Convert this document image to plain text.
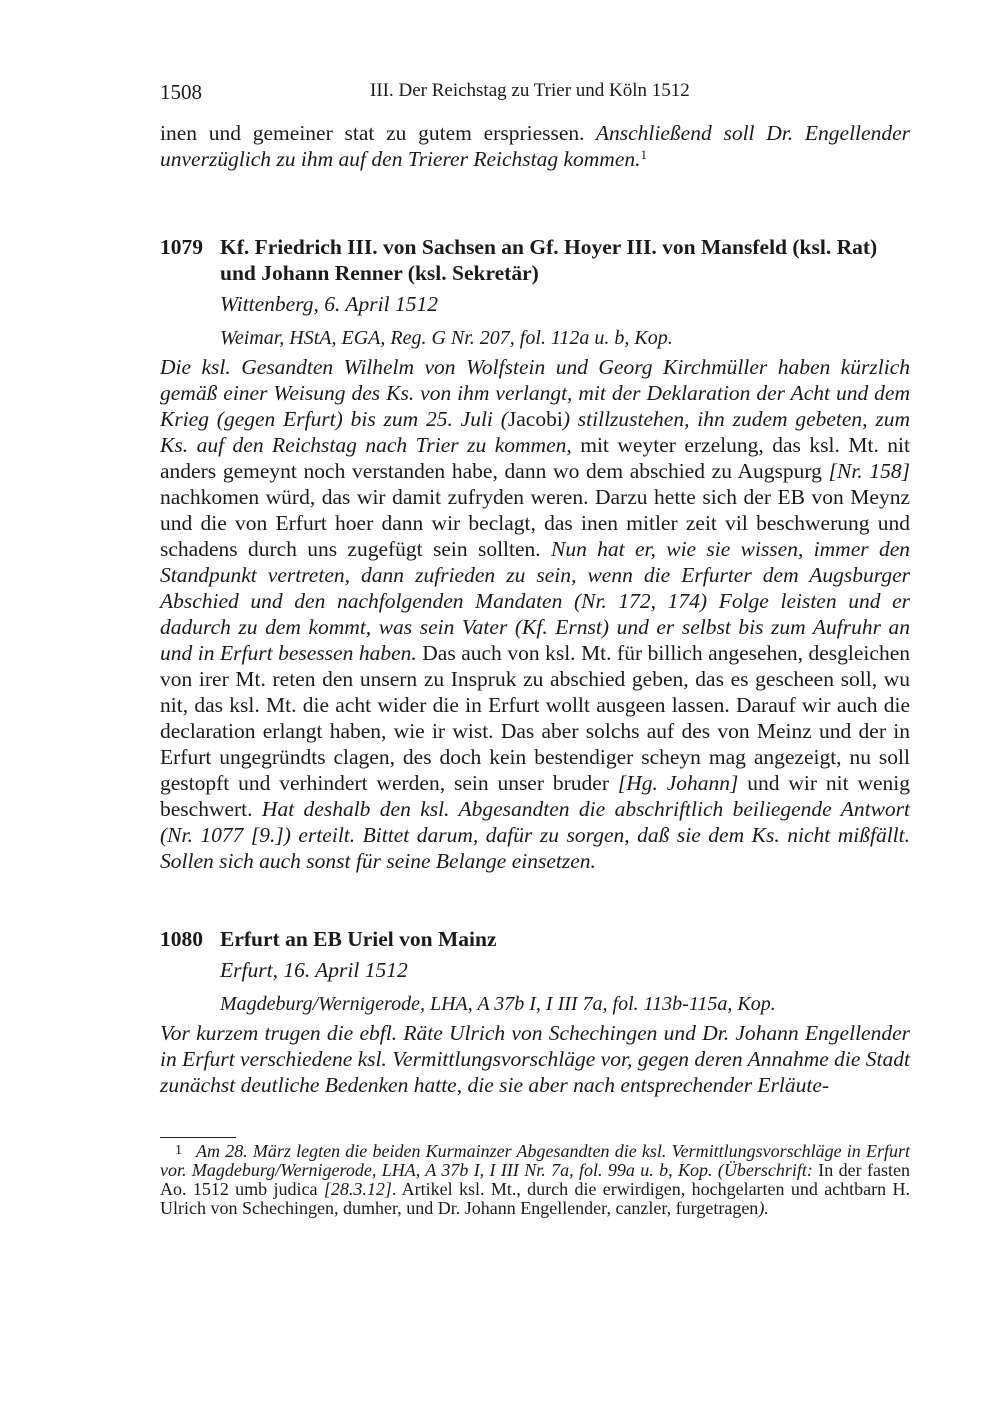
1508	III. Der Reichstag zu Trier und Köln 1512

inen und gemeiner stat zu gutem erspriessen. Anschließend soll Dr. Engellender unverzüglich zu ihm auf den Trierer Reichstag kommen.$^1$

1079 Kf. Friedrich III. von Sachsen an Gf. Hoyer III. von Mansfeld (ksl. Rat) und Johann Renner (ksl. Sekretär)
Wittenberg, 6. April 1512
Weimar, HStA, EGA, Reg. G Nr. 207, fol. 112a u. b, Kop.

Die ksl. Gesandten Wilhelm von Wolfstein und Georg Kirchmüller haben kürzlich gemäß einer Weisung des Ks. von ihm verlangt, mit der Deklaration der Acht und dem Krieg (gegen Erfurt) bis zum 25. Juli (Jacobi) stillzustehen, ihn zudem gebeten, zum Ks. auf den Reichstag nach Trier zu kommen, mit weyter erzelung, das ksl. Mt. nit anders gemeynt noch verstanden habe, dann wo dem abschied zu Augspurg [Nr. 158] nachkomen würd, das wir damit zufryden weren. Darzu hette sich der EB von Meynz und die von Erfurt hoer dann wir beclagt, das inen mitler zeit vil beschwerung und schadens durch uns zugefügt sein sollten. Nun hat er, wie sie wissen, immer den Standpunkt vertreten, dann zufrieden zu sein, wenn die Erfurter dem Augsburger Abschied und den nachfolgenden Mandaten (Nr. 172, 174) Folge leisten und er dadurch zu dem kommt, was sein Vater (Kf. Ernst) und er selbst bis zum Aufruhr an und in Erfurt besessen haben. Das auch von ksl. Mt. für billich angesehen, desgleichen von irer Mt. reten den unsern zu Inspruk zu abschied geben, das es gescheen soll, wu nit, das ksl. Mt. die acht wider die in Erfurt wollt ausgeen lassen. Darauf wir auch die declaration erlangt haben, wie ir wist. Das aber solchs auf des von Meinz und der in Erfurt ungegründts clagen, des doch kein bestendiger scheyn mag angezeigt, nu soll gestopft und verhindert werden, sein unser bruder [Hg. Johann] und wir nit wenig beschwert. Hat deshalb den ksl. Abgesandten die abschriftlich beiliegende Antwort (Nr. 1077 [9.]) erteilt. Bittet darum, dafür zu sorgen, daß sie dem Ks. nicht mißfällt. Sollen sich auch sonst für seine Belange einsetzen.

1080 Erfurt an EB Uriel von Mainz
Erfurt, 16. April 1512
Magdeburg/Wernigerode, LHA, A 37b I, I III 7a, fol. 113b-115a, Kop.

Vor kurzem trugen die ebfl. Räte Ulrich von Schechingen und Dr. Johann Engellender in Erfurt verschiedene ksl. Vermittlungsvorschläge vor, gegen deren Annahme die Stadt zunächst deutliche Bedenken hatte, die sie aber nach entsprechender Erläute-

1 Am 28. März legten die beiden Kurmainzer Abgesandten die ksl. Vermittlungsvorschläge in Erfurt vor. Magdeburg/Wernigerode, LHA, A 37b I, I III Nr. 7a, fol. 99a u. b, Kop. (Überschrift: In der fasten Ao. 1512 umb judica [28.3.12]. Artikel ksl. Mt., durch die erwirdigen, hochgelarten und achtbarn H. Ulrich von Schechingen, dumher, und Dr. Johann Engellender, canzler, furgetragen).
